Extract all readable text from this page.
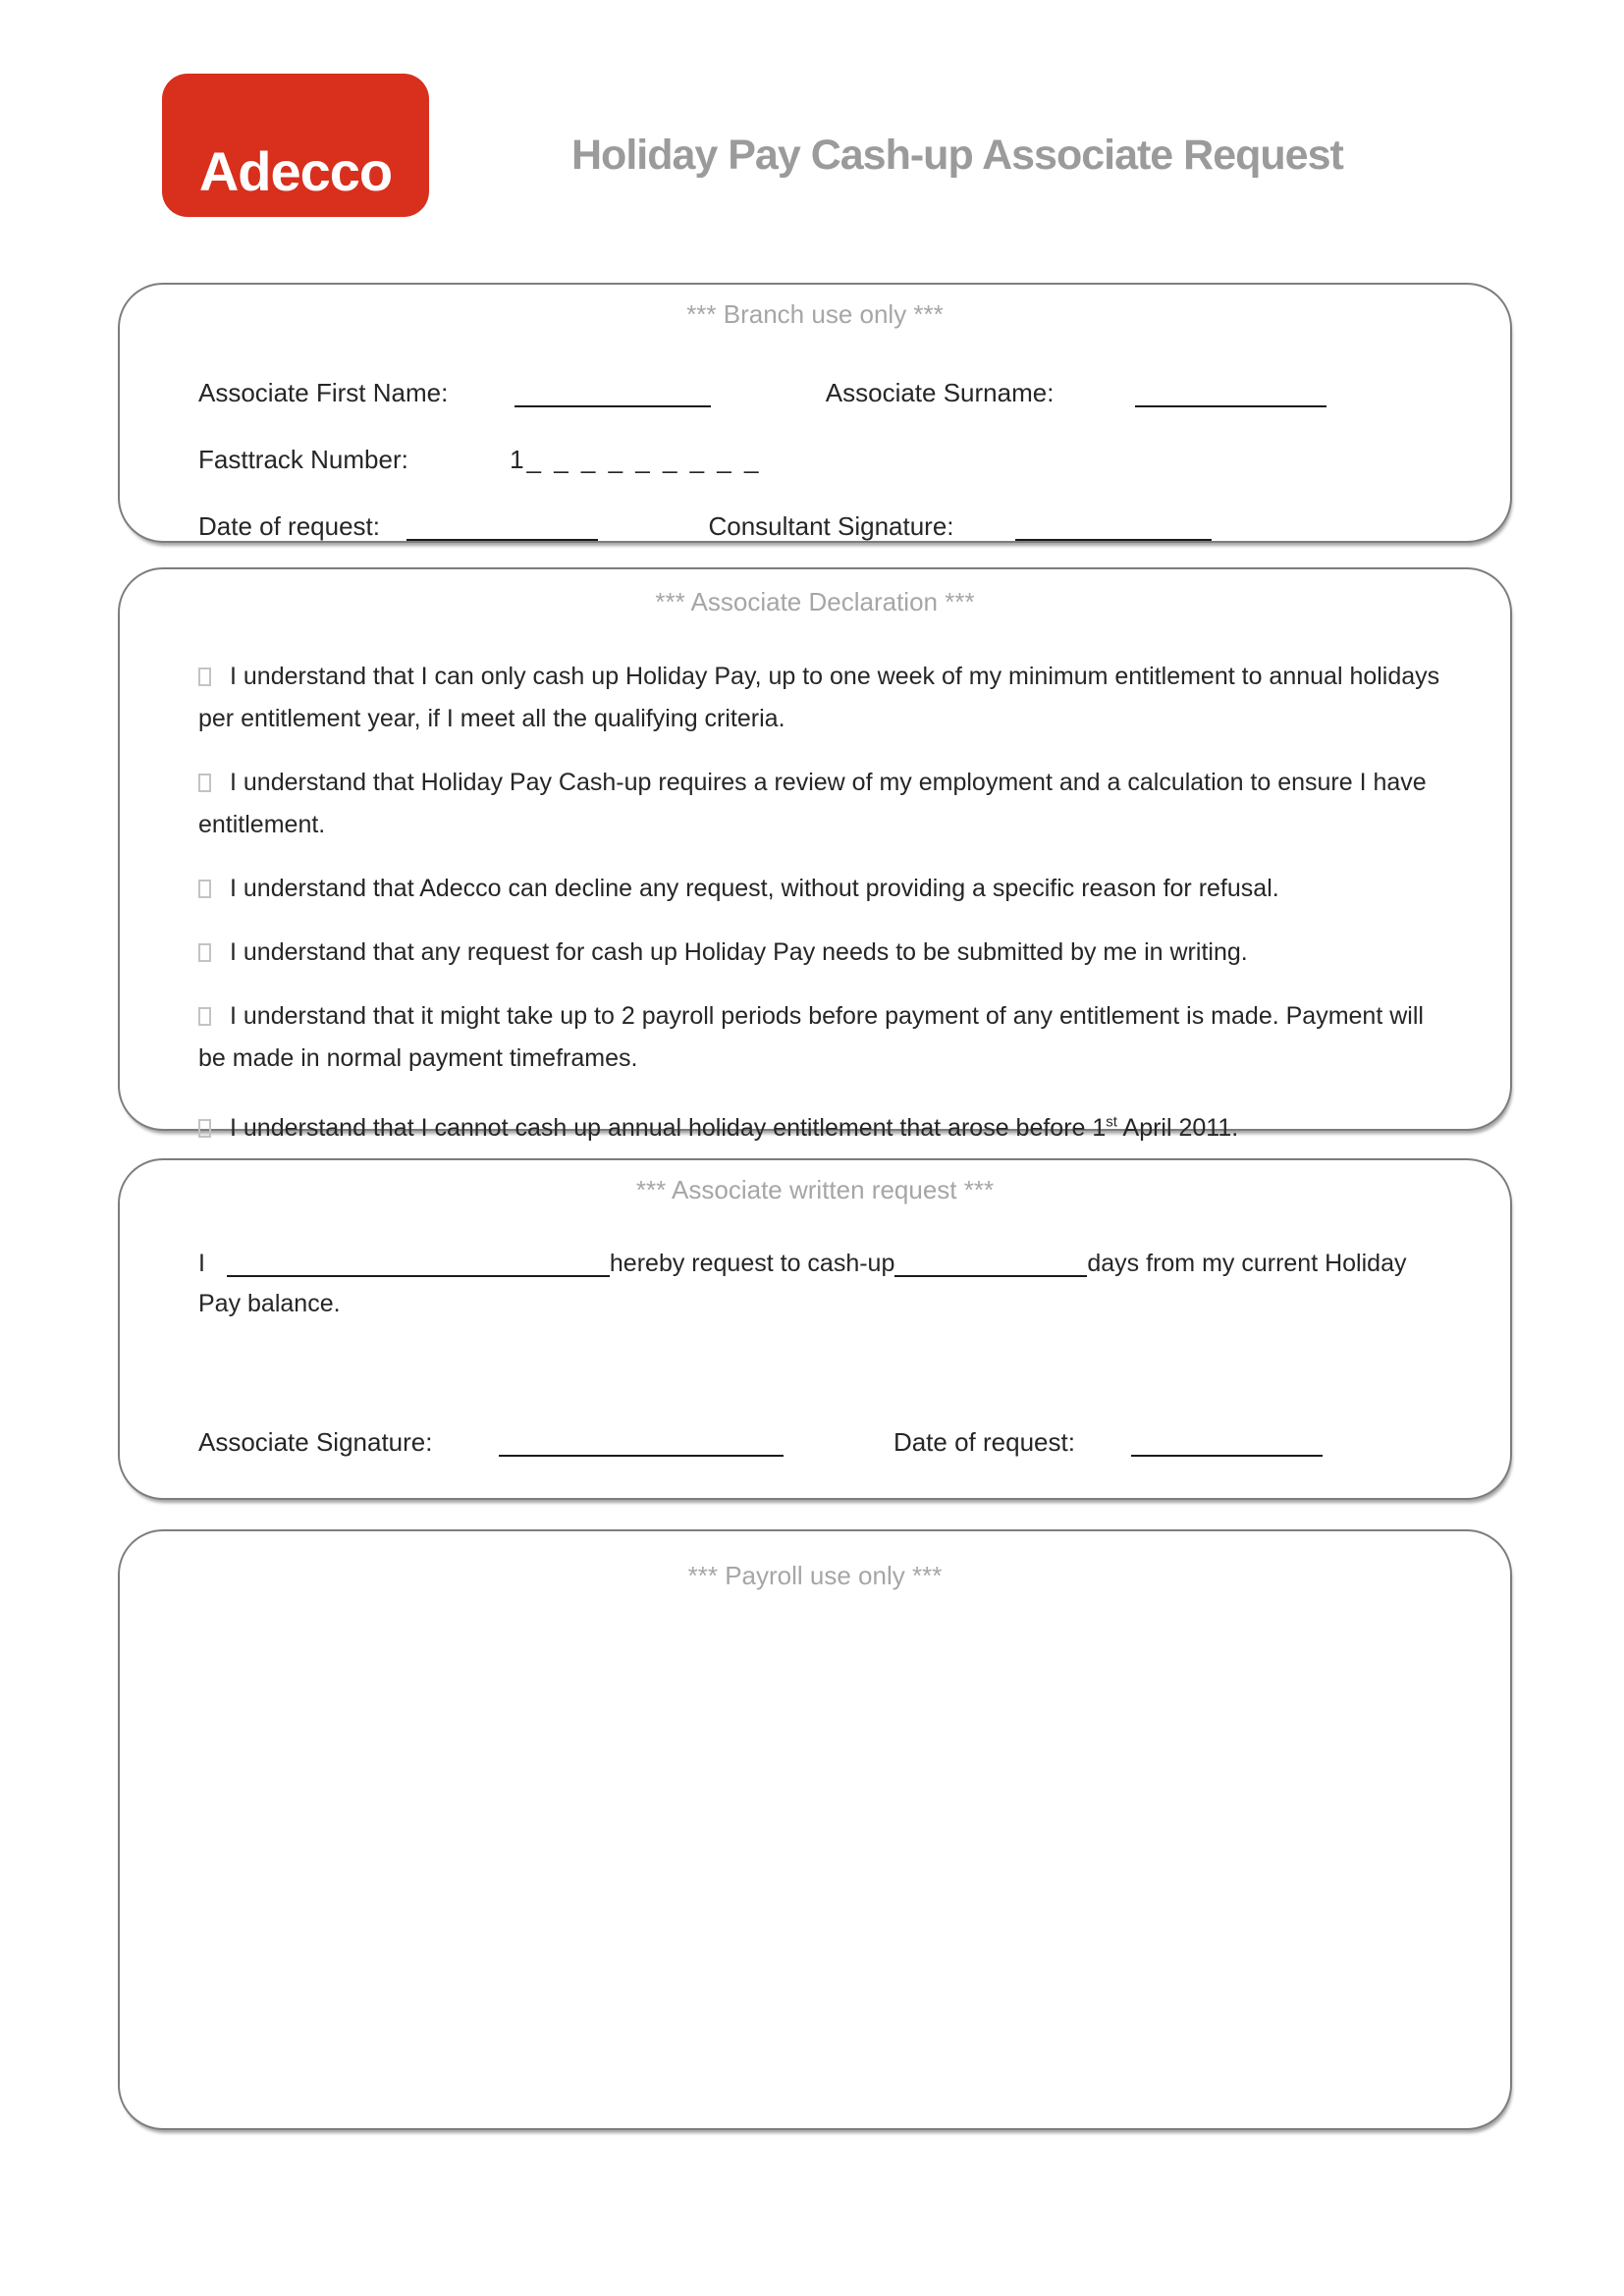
Adecco	Holiday Pay Cash-up Associate Request
*** Branch use only ***
Associate First Name:	Associate Surname:
Fasttrack Number:	1_ _ _ _ _ _ _ _ _
Date of request:	Consultant Signature:
*** Associate Declaration ***
I understand that I can only cash up Holiday Pay, up to one week of my minimum entitlement to annual holidays per entitlement year, if I meet all the qualifying criteria.
I understand that Holiday Pay Cash-up requires a review of my employment and a calculation to ensure I have entitlement.
I understand that Adecco can decline any request, without providing a specific reason for refusal.
I understand that any request for cash up Holiday Pay needs to be submitted by me in writing.
I understand that it might take up to 2 payroll periods before payment of any entitlement is made. Payment will be made in normal payment timeframes.
I understand that I cannot cash up annual holiday entitlement that arose before 1st April 2011.
*** Associate written request ***
I	hereby request to cash-up	days from my current Holiday
Pay balance.
Associate Signature:	Date of request:
*** Payroll use only ***
